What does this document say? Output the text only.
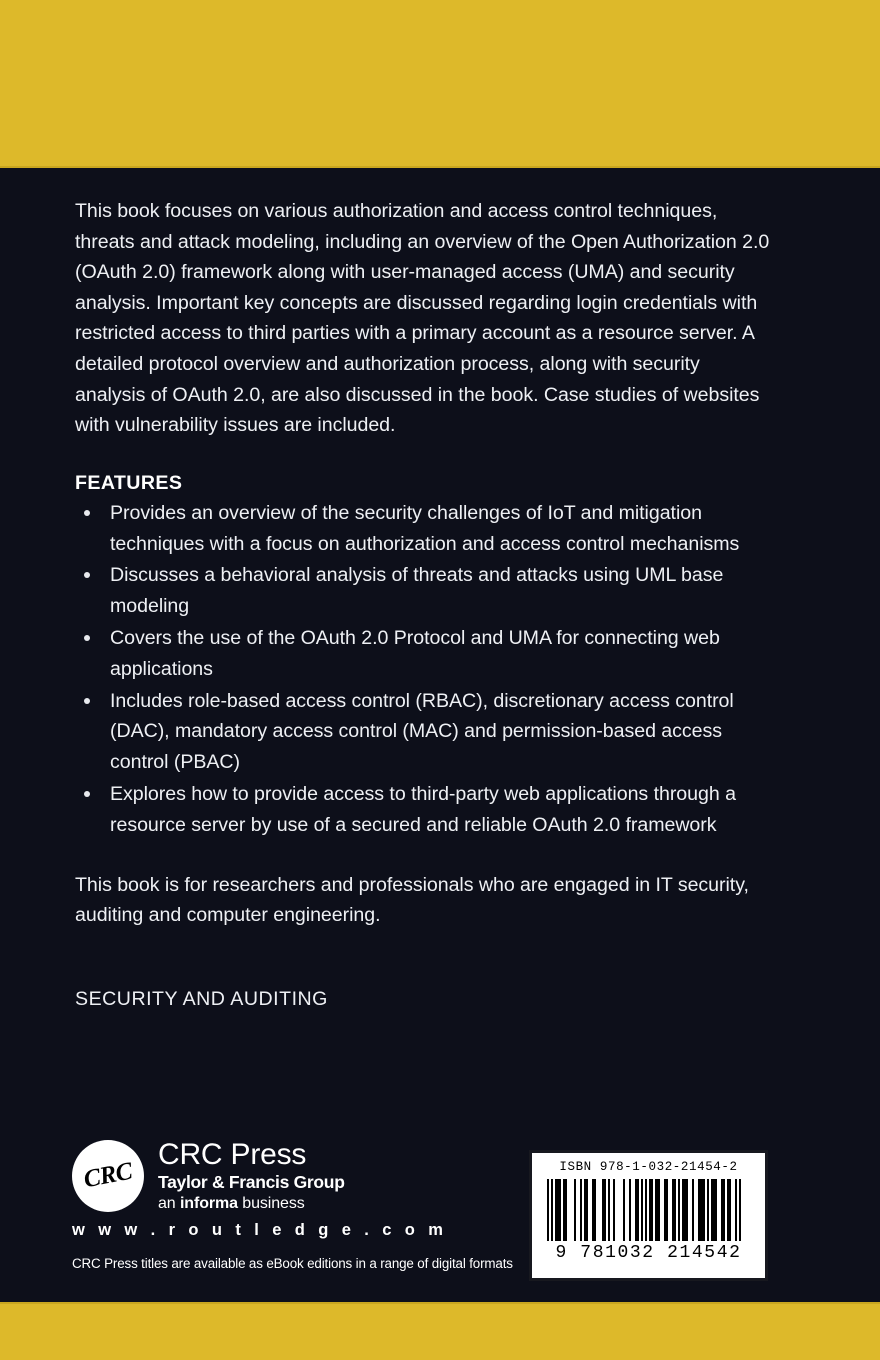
This book focuses on various authorization and access control techniques, threats and attack modeling, including an overview of the Open Authorization 2.0 (OAuth 2.0) framework along with user-managed access (UMA) and security analysis. Important key concepts are discussed regarding login credentials with restricted access to third parties with a primary account as a resource server. A detailed protocol overview and authorization process, along with security analysis of OAuth 2.0, are also discussed in the book. Case studies of websites with vulnerability issues are included.

FEATURES
Provides an overview of the security challenges of IoT and mitigation techniques with a focus on authorization and access control mechanisms
Discusses a behavioral analysis of threats and attacks using UML base modeling
Covers the use of the OAuth 2.0 Protocol and UMA for connecting web applications
Includes role-based access control (RBAC), discretionary access control (DAC), mandatory access control (MAC) and permission-based access control (PBAC)
Explores how to provide access to third-party web applications through a resource server by use of a secured and reliable OAuth 2.0 framework

This book is for researchers and professionals who are engaged in IT security, auditing and computer engineering.

SECURITY AND AUDITING
CRC
CRC Press
Taylor & Francis Group
an informa business
w w w . r o u t l e d g e . c o m
CRC Press titles are available as eBook editions in a range of digital formats
ISBN 978-1-032-21454-2
9 781032 214542
